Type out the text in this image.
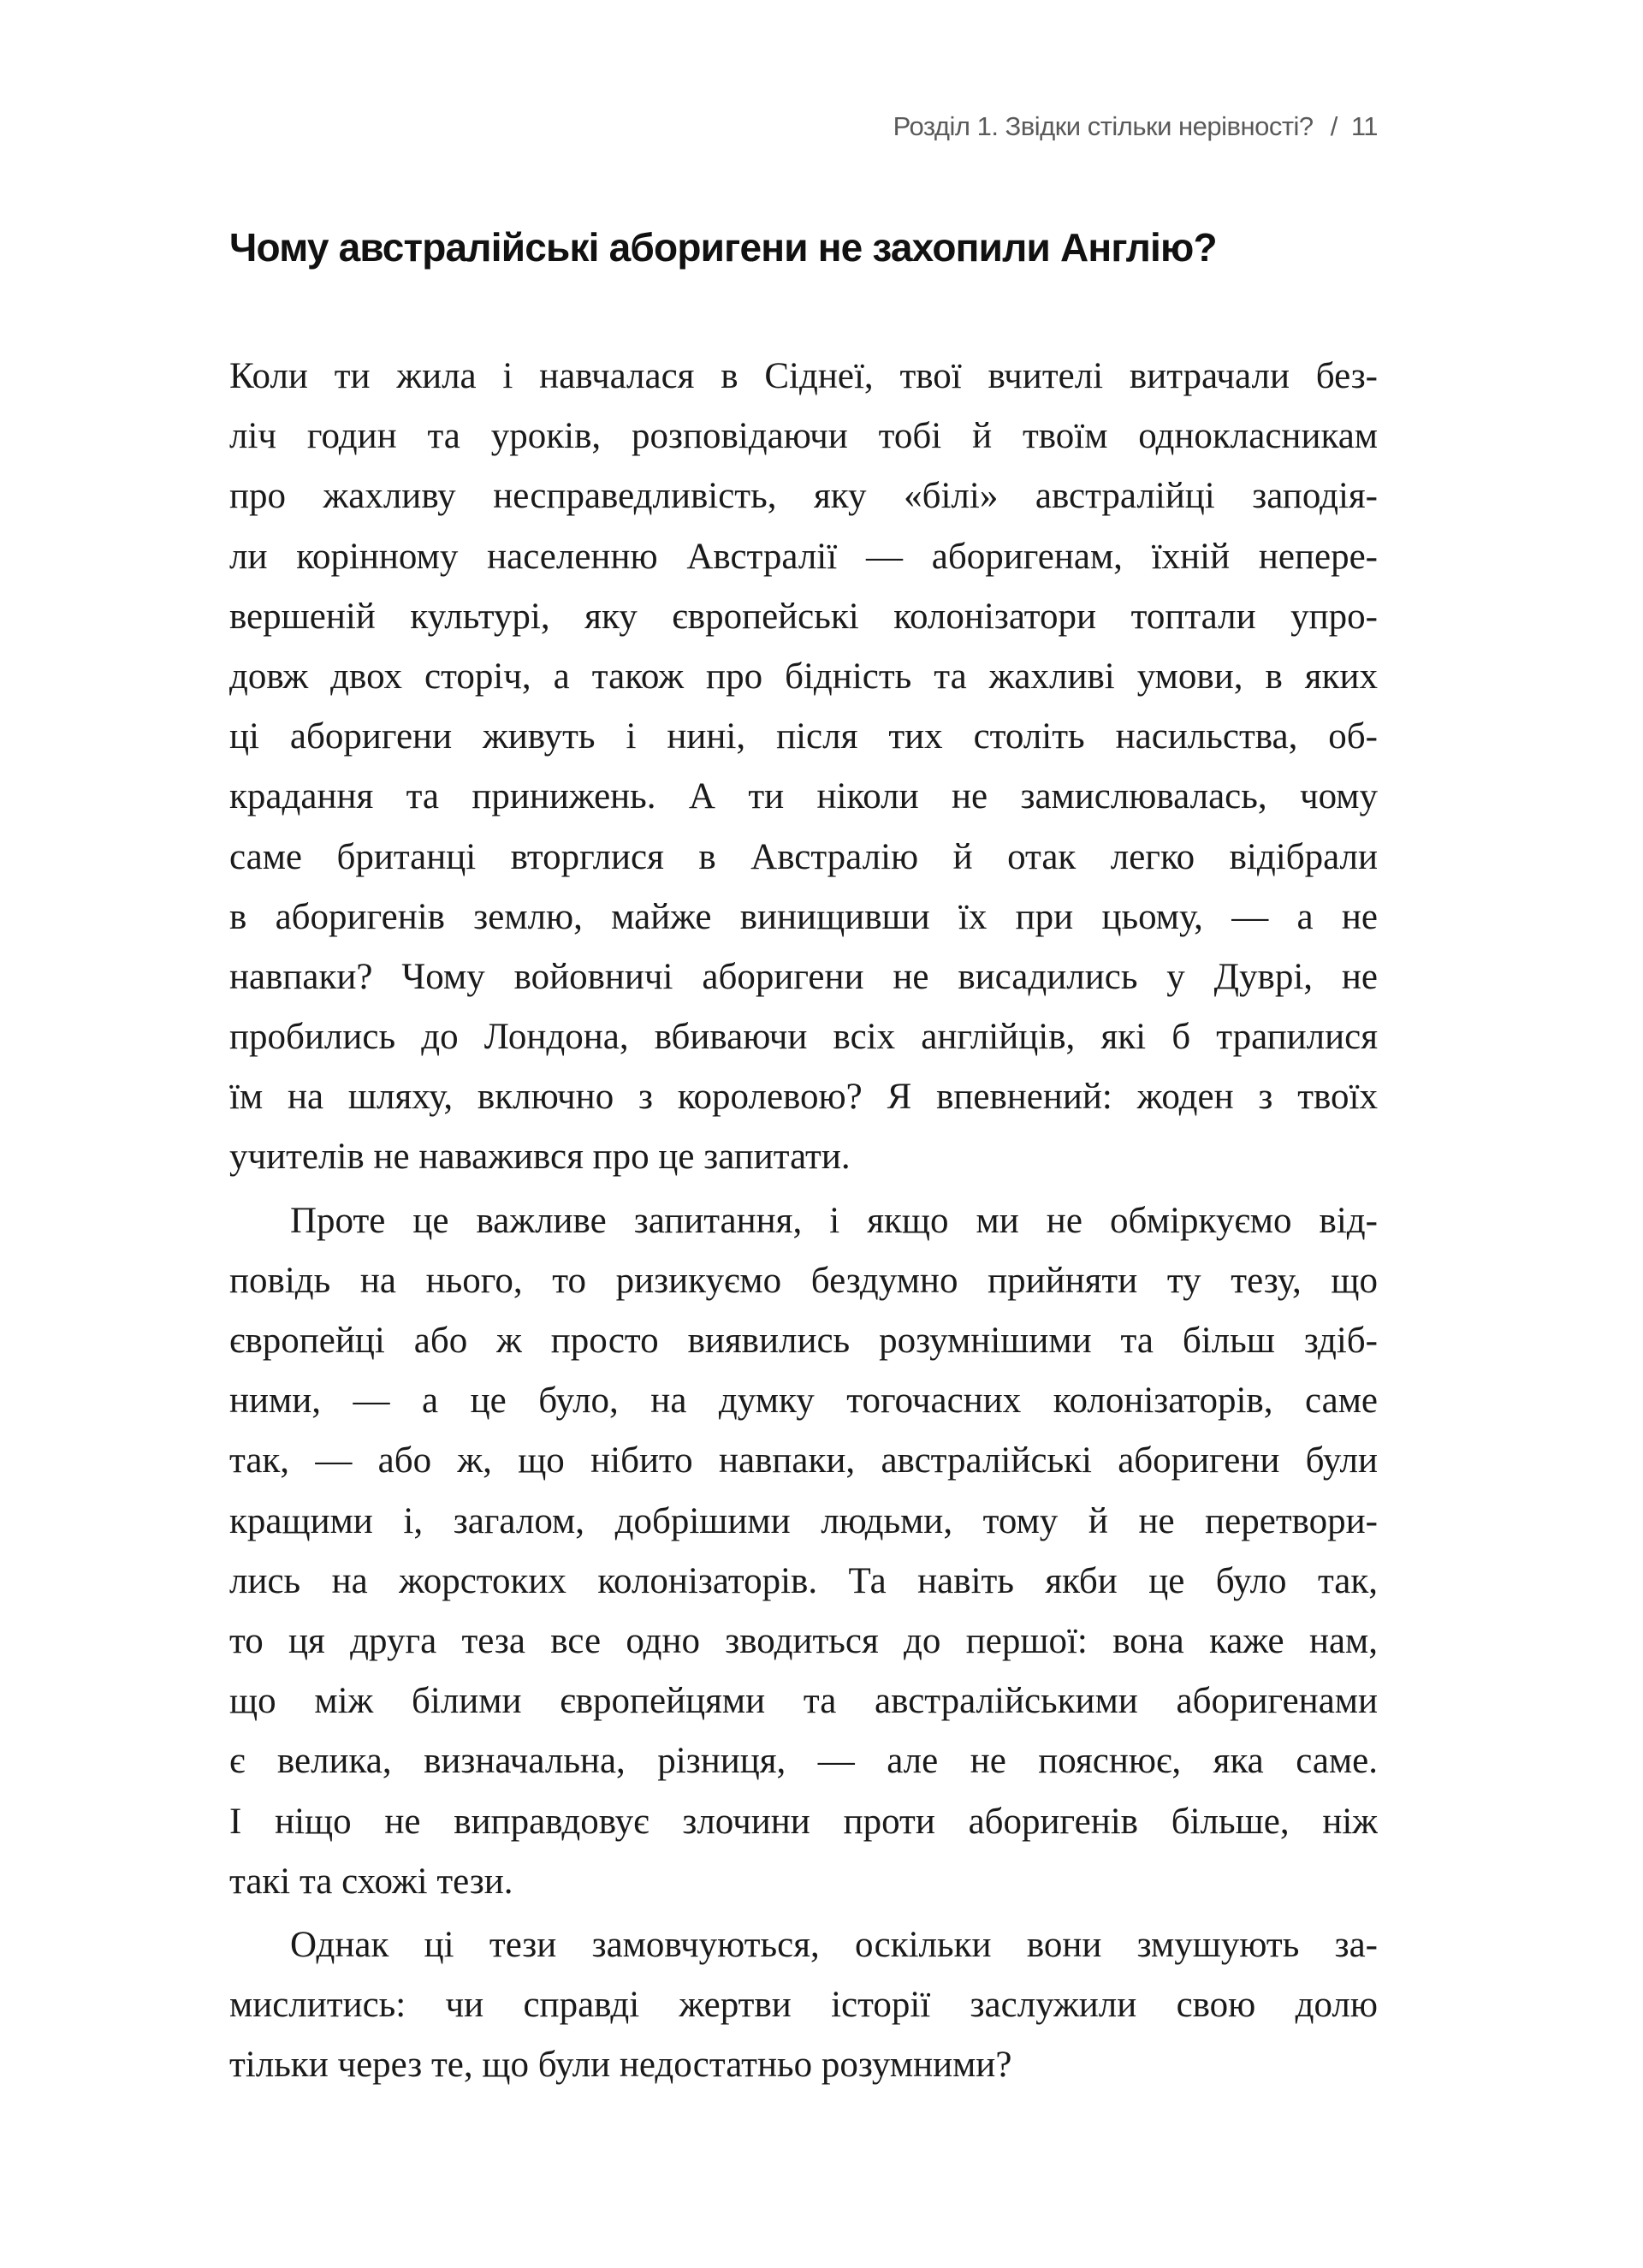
Розділ 1. Звідки стільки нерівності? / 11
Чому австралійські аборигени не захопили Англію?
Коли ти жила і навчалася в Сіднеї, твої вчителі витрачали без-
ліч годин та уроків, розповідаючи тобі й твоїм однокласникам
про жахливу несправедливість, яку «білі» австралійці заподія-
ли корінному населенню Австралії — аборигенам, їхній непере-
вершеній культурі, яку європейські колонізатори топтали упро-
довж двох сторіч, а також про бідність та жахливі умови, в яких
ці аборигени живуть і нині, після тих століть насильства, об-
крадання та принижень. А ти ніколи не замислювалась, чому
саме британці вторглися в Австралію й отак легко відібрали
в аборигенів землю, майже винищивши їх при цьому, — а не
навпаки? Чому войовничі аборигени не висадились у Дуврі, не
пробились до Лондона, вбиваючи всіх англійців, які б трапилися
їм на шляху, включно з королевою? Я впевнений: жоден з твоїх
учителів не наважився про це запитати.
Проте це важливе запитання, і якщо ми не обміркуємо від-
повідь на нього, то ризикуємо бездумно прийняти ту тезу, що
європейці або ж просто виявились розумнішими та більш здіб-
ними, — а це було, на думку тогочасних колонізаторів, саме
так, — або ж, що нібито навпаки, австралійські аборигени були
кращими і, загалом, добрішими людьми, тому й не перетвори-
лись на жорстоких колонізаторів. Та навіть якби це було так,
то ця друга теза все одно зводиться до першої: вона каже нам,
що між білими європейцями та австралійськими аборигенами
є велика, визначальна, різниця, — але не пояснює, яка саме.
І ніщо не виправдовує злочини проти аборигенів більше, ніж
такі та схожі тези.
Однак ці тези замовчуються, оскільки вони змушують за-
мислитись: чи справді жертви історії заслужили свою долю
тільки через те, що були недостатньо розумними?
